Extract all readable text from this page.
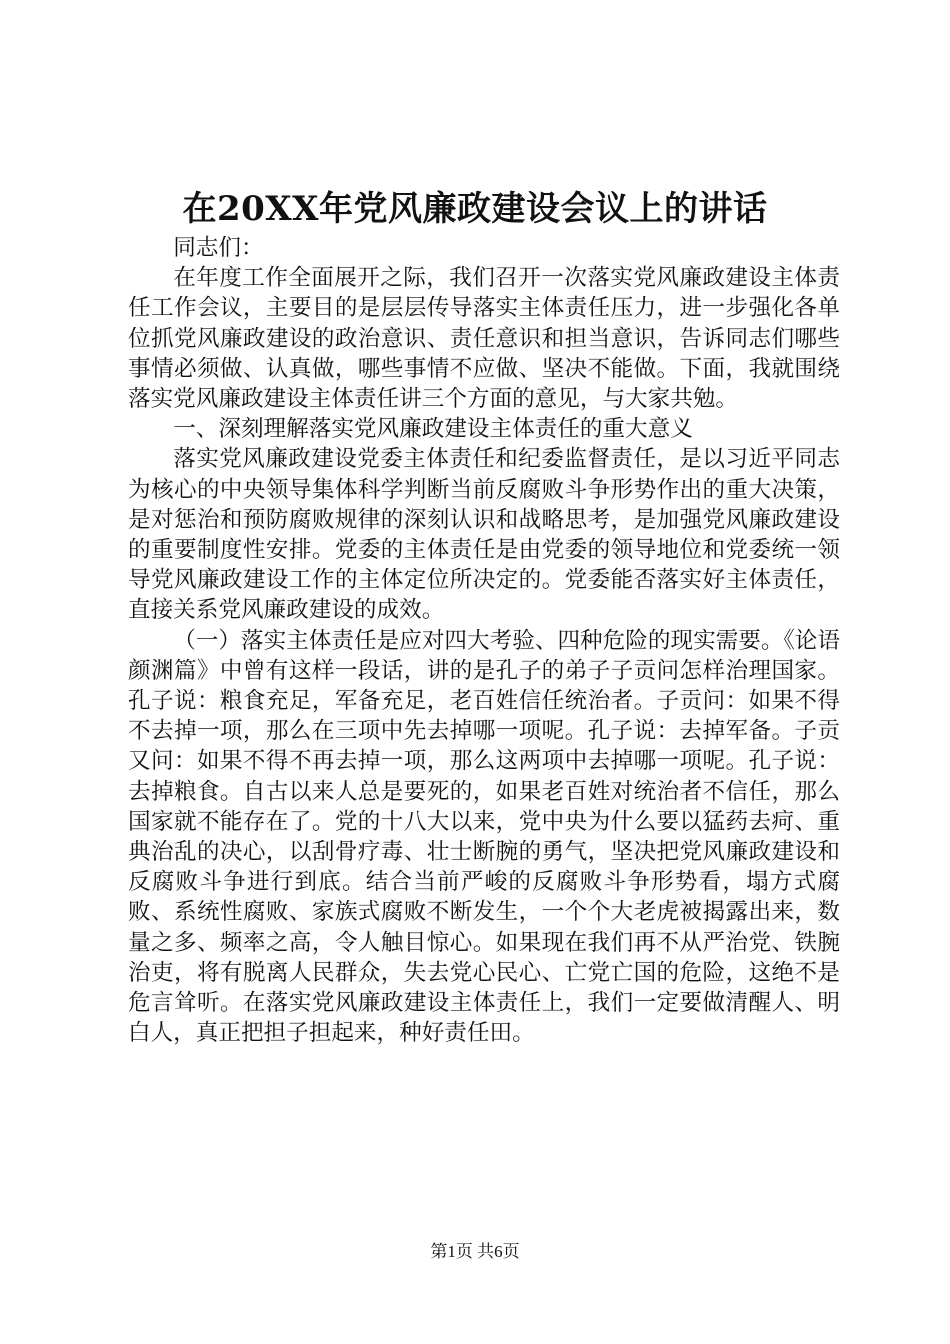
在20XX年党风廉政建设会议上的讲话

同志们：

在年度工作全面展开之际，我们召开一次落实党风廉政建设主体责任工作会议，主要目的是层层传导落实主体责任压力，进一步强化各单位抓党风廉政建设的政治意识、责任意识和担当意识，告诉同志们哪些事情必须做、认真做，哪些事情不应做、坚决不能做。下面，我就围绕落实党风廉政建设主体责任讲三个方面的意见，与大家共勉。

一、深刻理解落实党风廉政建设主体责任的重大意义

落实党风廉政建设党委主体责任和纪委监督责任，是以习近平同志为核心的中央领导集体科学判断当前反腐败斗争形势作出的重大决策，是对惩治和预防腐败规律的深刻认识和战略思考，是加强党风廉政建设的重要制度性安排。党委的主体责任是由党委的领导地位和党委统一领导党风廉政建设工作的主体定位所决定的。党委能否落实好主体责任，直接关系党风廉政建设的成效。

（一）落实主体责任是应对四大考验、四种危险的现实需要。《论语颜渊篇》中曾有这样一段话，讲的是孔子的弟子子贡问怎样治理国家。孔子说：粮食充足，军备充足，老百姓信任统治者。子贡问：如果不得不去掉一项，那么在三项中先去掉哪一项呢。孔子说：去掉军备。子贡又问：如果不得不再去掉一项，那么这两项中去掉哪一项呢。孔子说：去掉粮食。自古以来人总是要死的，如果老百姓对统治者不信任，那么国家就不能存在了。党的十八大以来，党中央为什么要以猛药去疴、重典治乱的决心，以刮骨疗毒、壮士断腕的勇气，坚决把党风廉政建设和反腐败斗争进行到底。结合当前严峻的反腐败斗争形势看，塌方式腐败、系统性腐败、家族式腐败不断发生，一个个大老虎被揭露出来，数量之多、频率之高，令人触目惊心。如果现在我们再不从严治党、铁腕治吏，将有脱离人民群众，失去党心民心、亡党亡国的危险，这绝不是危言耸听。在落实党风廉政建设主体责任上，我们一定要做清醒人、明白人，真正把担子担起来，种好责任田。

第1页 共6页
